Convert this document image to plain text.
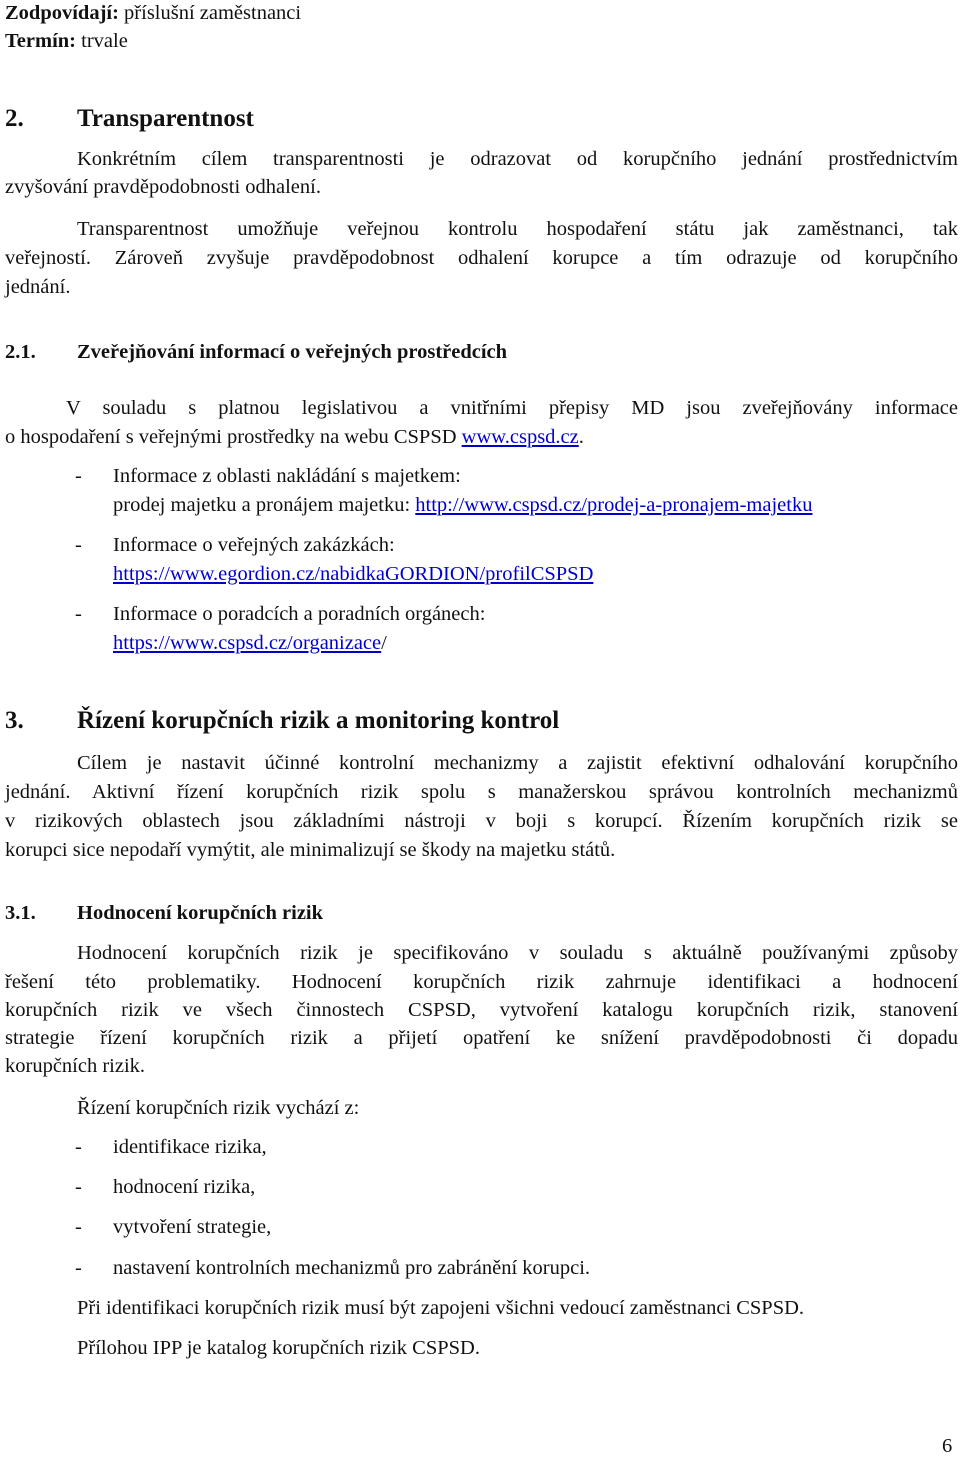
Zodpovídají: příslušní zaměstnanci
Termín: trvale
2. Transparentnost
Konkrétním cílem transparentnosti je odrazovat od korupčního jednání prostřednictvím
zvyšování pravděpodobnosti odhalení.
Transparentnost umožňuje veřejnou kontrolu hospodaření státu jak zaměstnanci, tak
veřejností. Zároveň zvyšuje pravděpodobnost odhalení korupce a tím odrazuje od korupčního
jednání.
2.1. Zveřejňování informací o veřejných prostředcích
V souladu s platnou legislativou a vnitřními přepisy MD jsou zveřejňovány informace
o hospodaření s veřejnými prostředky na webu CSPSD www.cspsd.cz.
- Informace z oblasti nakládání s majetkem:
prodej majetku a pronájem majetku: http://www.cspsd.cz/prodej-a-pronajem-majetku
- Informace o veřejných zakázkách:
https://www.egordion.cz/nabidkaGORDION/profilCSPSD
- Informace o poradcích a poradních orgánech:
https://www.cspsd.cz/organizace/
3. Řízení korupčních rizik a monitoring kontrol
Cílem je nastavit účinné kontrolní mechanizmy a zajistit efektivní odhalování korupčního
jednání. Aktivní řízení korupčních rizik spolu s manažerskou správou kontrolních mechanizmů
v rizikových oblastech jsou základními nástroji v boji s korupcí. Řízením korupčních rizik se
korupci sice nepodaří vymýtit, ale minimalizují se škody na majetku států.
3.1. Hodnocení korupčních rizik
Hodnocení korupčních rizik je specifikováno v souladu s aktuálně používanými způsoby
řešení této problematiky. Hodnocení korupčních rizik zahrnuje identifikaci a hodnocení
korupčních rizik ve všech činnostech CSPSD, vytvoření katalogu korupčních rizik, stanovení
strategie řízení korupčních rizik a přijetí opatření ke snížení pravděpodobnosti či dopadu
korupčních rizik.
Řízení korupčních rizik vychází z:
- identifikace rizika,
- hodnocení rizika,
- vytvoření strategie,
- nastavení kontrolních mechanizmů pro zabránění korupci.
Při identifikaci korupčních rizik musí být zapojeni všichni vedoucí zaměstnanci CSPSD.
Přílohou IPP je katalog korupčních rizik CSPSD.
6
